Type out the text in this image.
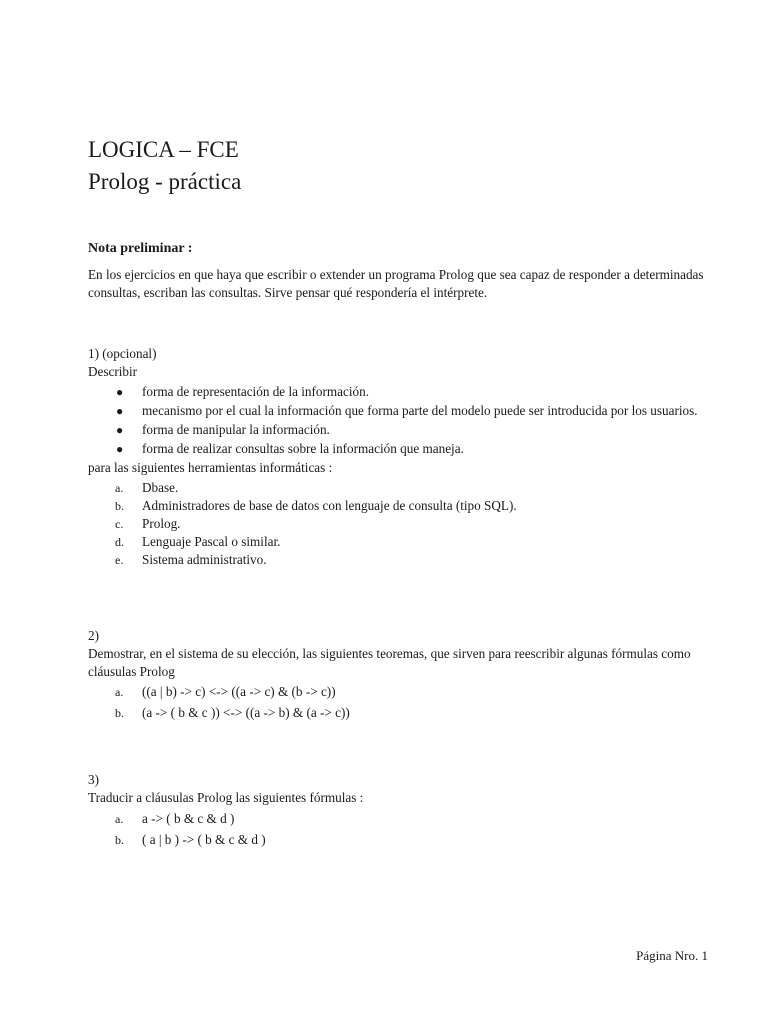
LOGICA – FCE
Prolog - práctica
Nota preliminar :
En los ejercicios en que haya que escribir o extender un programa Prolog que sea capaz de responder a determinadas consultas, escriban las consultas. Sirve pensar qué respondería el intérprete.
1) (opcional)
Describir
● forma de representación de la información.
● mecanismo por el cual la información que forma parte del modelo puede ser introducida por los usuarios.
● forma de manipular la información.
● forma de realizar consultas sobre la información que maneja.
para las siguientes herramientas informáticas :
a. Dbase.
b. Administradores de base de datos con lenguaje de consulta (tipo SQL).
c. Prolog.
d. Lenguaje Pascal o similar.
e. Sistema administrativo.
2)
Demostrar, en el sistema de su elección, las siguientes teoremas, que sirven para reescribir algunas fórmulas como cláusulas Prolog
a. ((a | b) -> c) <-> ((a -> c) & (b -> c))
b. (a -> ( b & c )) <-> ((a -> b) & (a -> c))
3)
Traducir a cláusulas Prolog las siguientes fórmulas :
a. a -> ( b & c & d )
b. ( a | b ) -> ( b & c & d )
Página Nro. 1
